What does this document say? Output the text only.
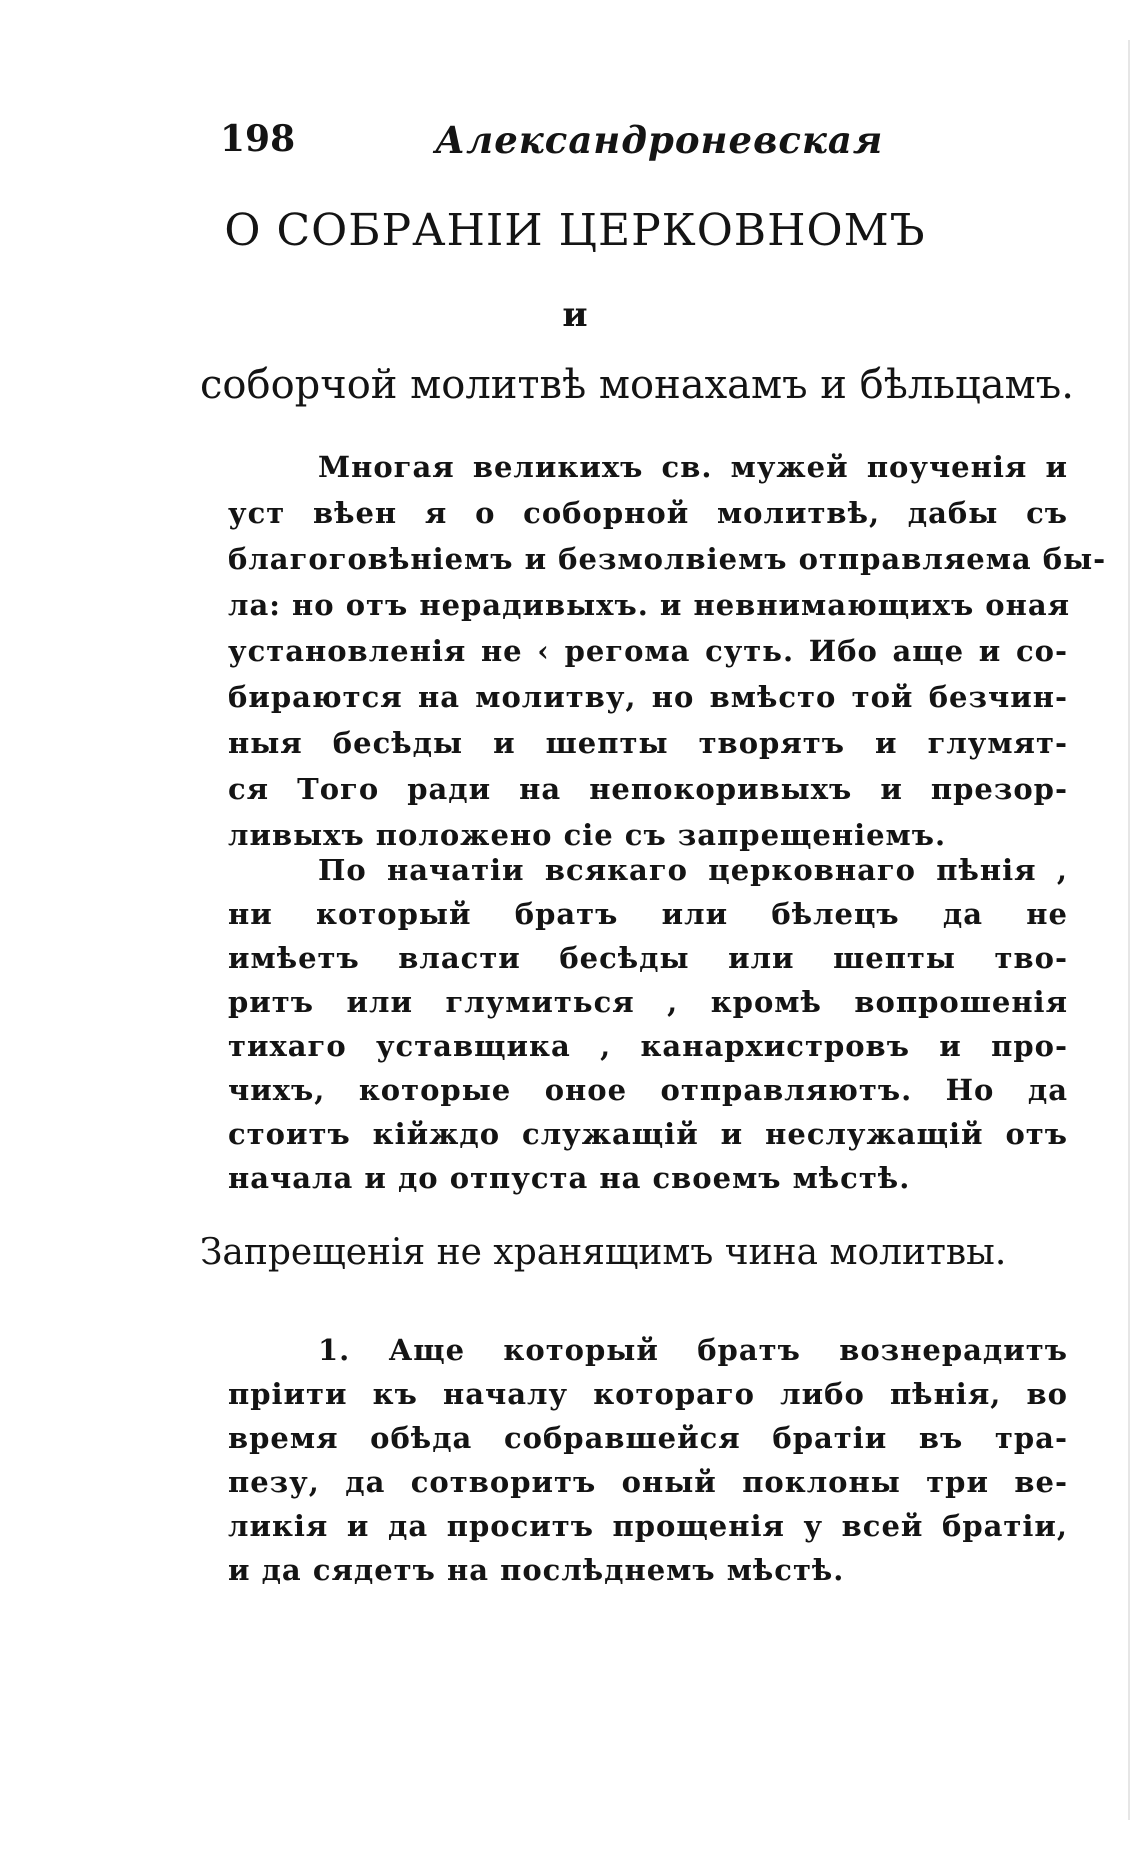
198	Александроневская
О СОБРАНІИ ЦЕРКОВНОМЪ
и
соборчой молитвѣ монахамъ и бѣльцамъ.
Многая великихъ св. мужей поученія и
уст вѣен я о соборной молитвѣ, дабы съ
благоговѣніемъ и безмолвіемъ отправляема бы-
ла: но отъ нерадивыхъ. и невнимающихъ оная
установленія не ‹ регома суть. Ибо аще и со-
бираются на молитву, но вмѣсто той безчин-
ныя бесѣды и шепты творятъ и глумят-
ся Того ради на непокоривыхъ и презор-
ливыхъ положено сіе съ запрещеніемъ.
По начатіи всякаго церковнаго пѣнія ,
ни который братъ или бѣлецъ да не
имѣетъ власти бесѣды или шепты тво-
ритъ или глумиться , кромѣ вопрошенія
тихаго уставщика , канархистровъ и про-
чихъ, которые оное отправляютъ. Но да
стоитъ кійждо служащій и неслужащій отъ
начала и до отпуста на своемъ мѣстѣ.
Запрещенія не хранящимъ чина молитвы.
1. Аще который братъ вознерадитъ
пріити къ началу котораго либо пѣнія, во
время обѣда собравшейся братіи въ тра-
пезу, да сотворитъ оный поклоны три ве-
ликія и да проситъ прощенія у всей братіи,
и да сядетъ на послѣднемъ мѣстѣ.
